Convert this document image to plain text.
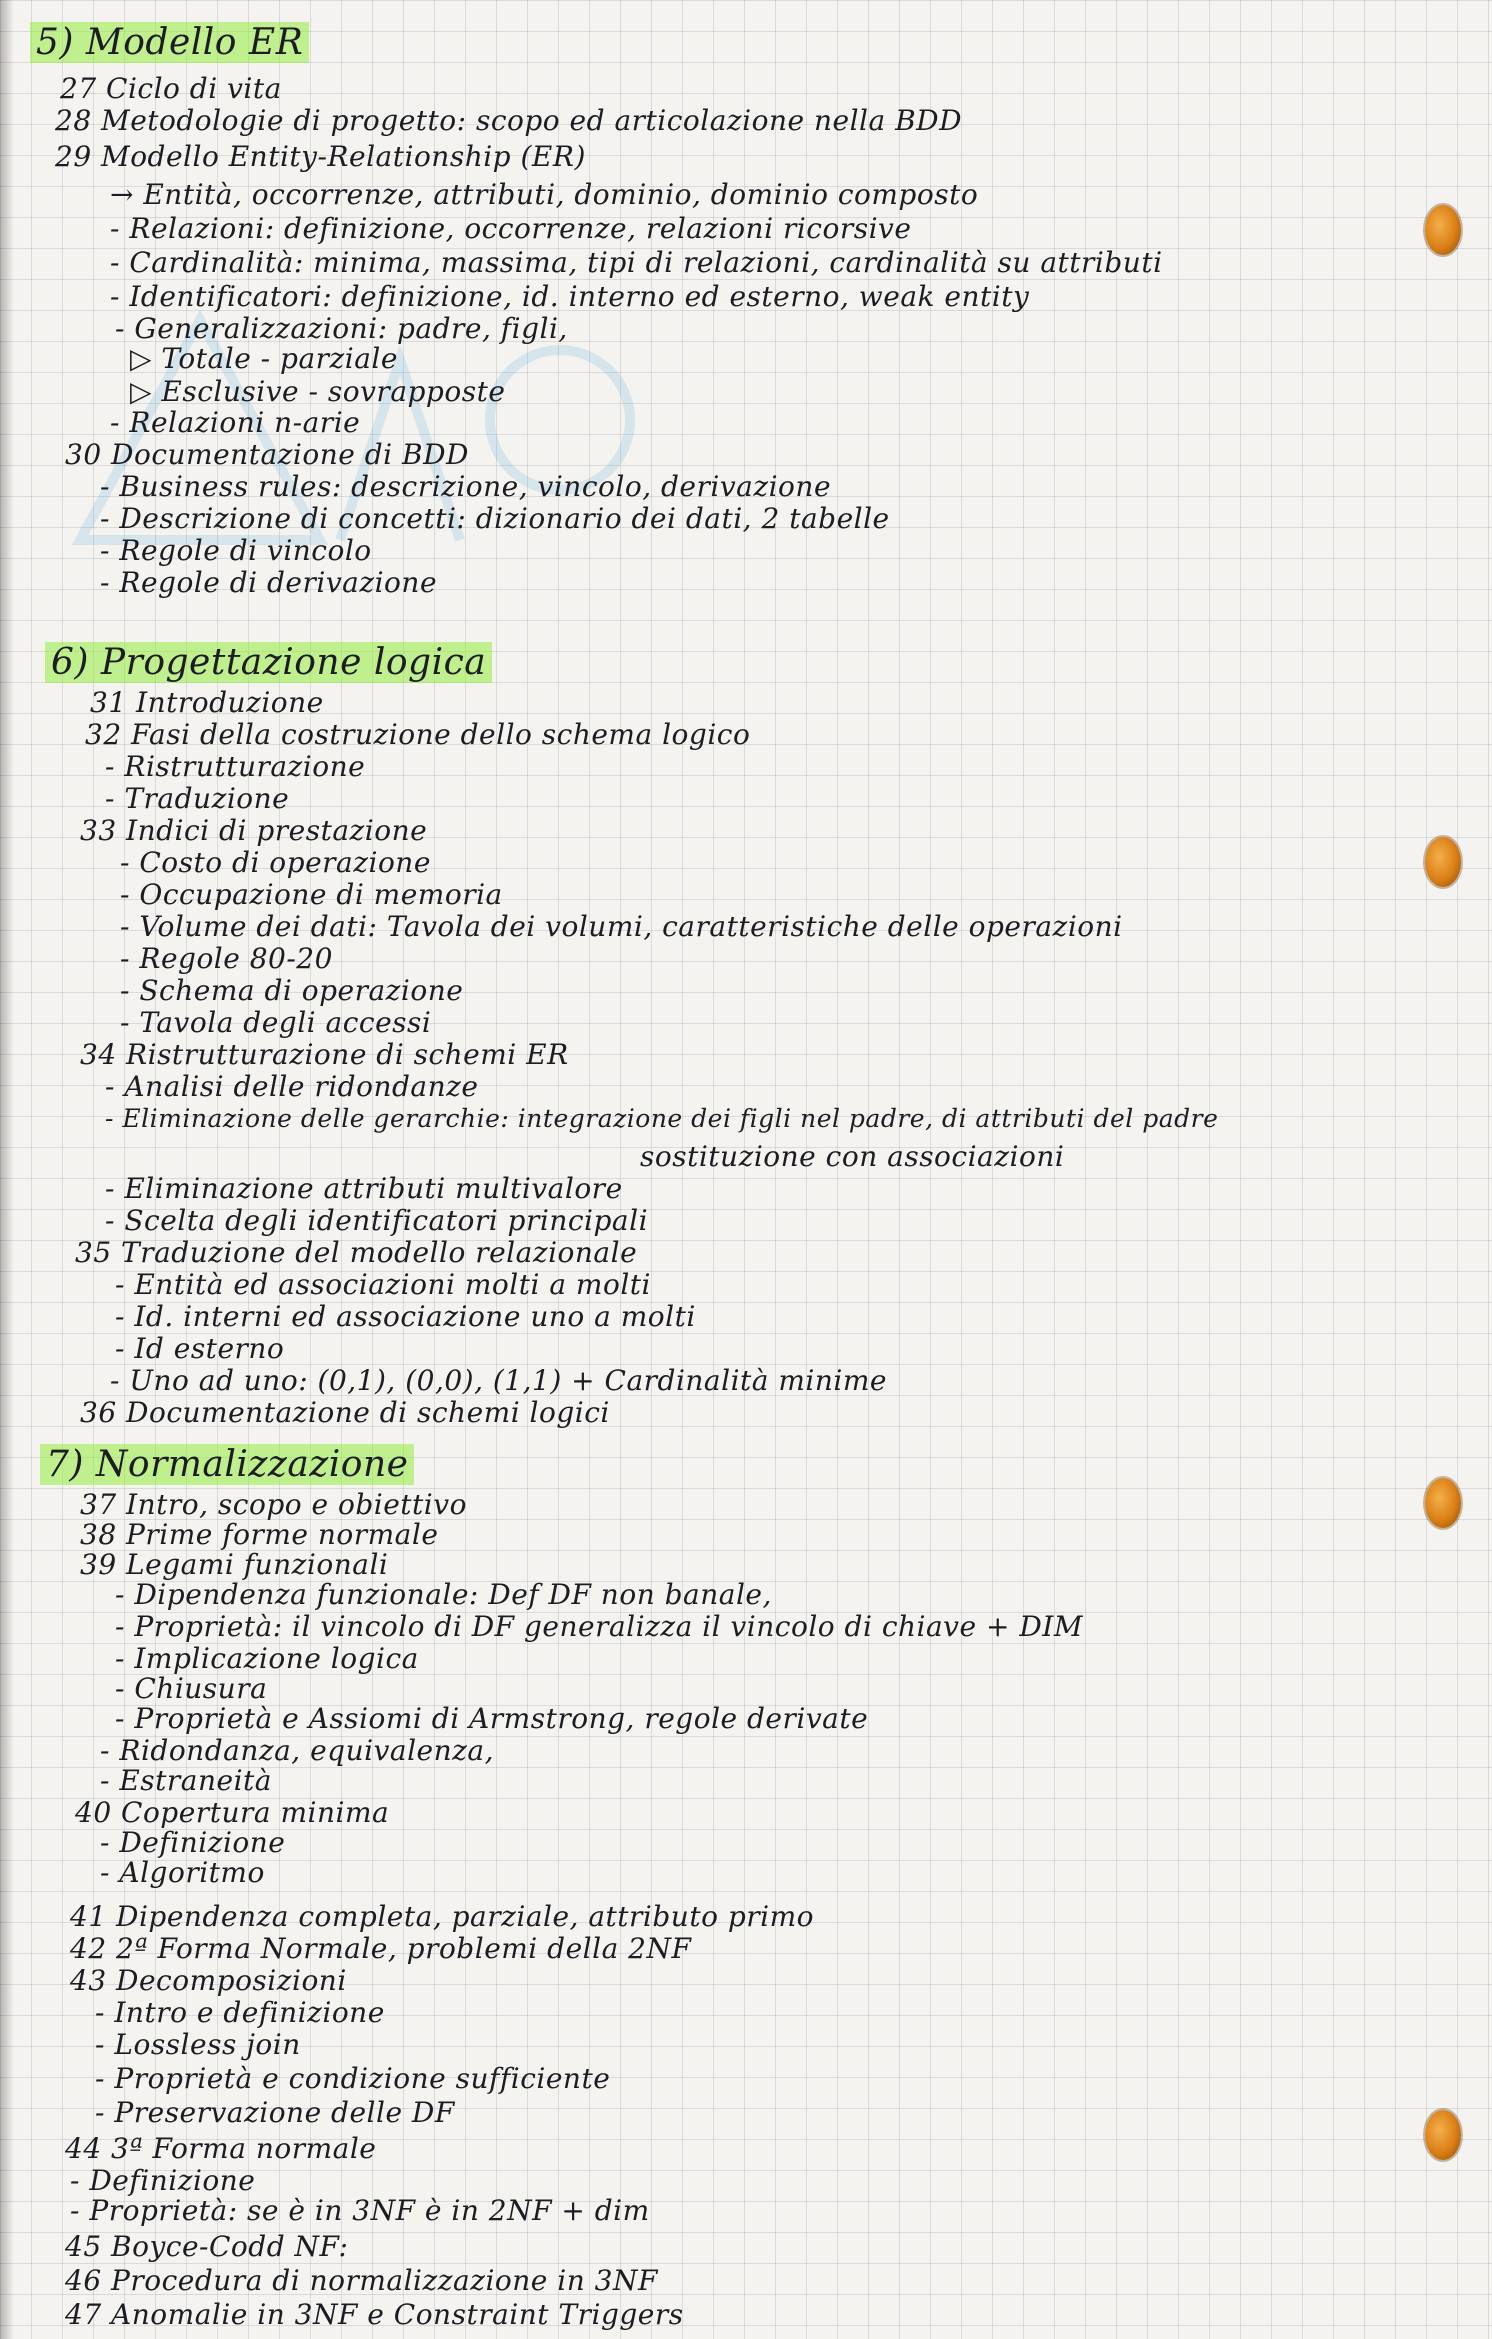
5) Modello ER
27 Ciclo di vita
28 Metodologie di progetto: scopo ed articolazione nella BDD
29 Modello Entity-Relationship (ER)
→ Entità, occorrenze, attributi, dominio, dominio composto
- Relazioni: definizione, occorrenze, relazioni ricorsive
- Cardinalità: minima, massima, tipi di relazioni, cardinalità su attributi
- Identificatori: definizione, id. interno ed esterno, weak entity
- Generalizzazioni: padre, figli,
▷ Totale - parziale
▷ Esclusive - sovrapposte
- Relazioni n-arie
30 Documentazione di BDD
- Business rules: descrizione, vincolo, derivazione
- Descrizione di concetti: dizionario dei dati, 2 tabelle
- Regole di vincolo
- Regole di derivazione
6) Progettazione logica
31 Introduzione
32 Fasi della costruzione dello schema logico
- Ristrutturazione
- Traduzione
33 Indici di prestazione
- Costo di operazione
- Occupazione di memoria
- Volume dei dati: Tavola dei volumi, caratteristiche delle operazioni
- Regole 80-20
- Schema di operazione
- Tavola degli accessi
34 Ristrutturazione di schemi ER
- Analisi delle ridondanze
- Eliminazione delle gerarchie: integrazione dei figli nel padre, di attributi del padre
sostituzione con associazioni
- Eliminazione attributi multivalore
- Scelta degli identificatori principali
35 Traduzione del modello relazionale
- Entità ed associazioni molti a molti
- Id. interni ed associazione uno a molti
- Id esterno
- Uno ad uno: (0,1), (0,0), (1,1) + Cardinalità minime
36 Documentazione di schemi logici
7) Normalizzazione
37 Intro, scopo e obiettivo
38 Prime forme normale
39 Legami funzionali
- Dipendenza funzionale: Def DF non banale,
- Proprietà: il vincolo di DF generalizza il vincolo di chiave + DIM
- Implicazione logica
- Chiusura
- Proprietà e Assiomi di Armstrong, regole derivate
- Ridondanza, equivalenza,
- Estraneità
40 Copertura minima
- Definizione
- Algoritmo
41 Dipendenza completa, parziale, attributo primo
42 2ª Forma Normale, problemi della 2NF
43 Decomposizioni
- Intro e definizione
- Lossless join
- Proprietà e condizione sufficiente
- Preservazione delle DF
44 3ª Forma normale
- Definizione
- Proprietà: se è in 3NF è in 2NF + dim
45 Boyce-Codd NF:
46 Procedura di normalizzazione in 3NF
47 Anomalie in 3NF e Constraint Triggers
